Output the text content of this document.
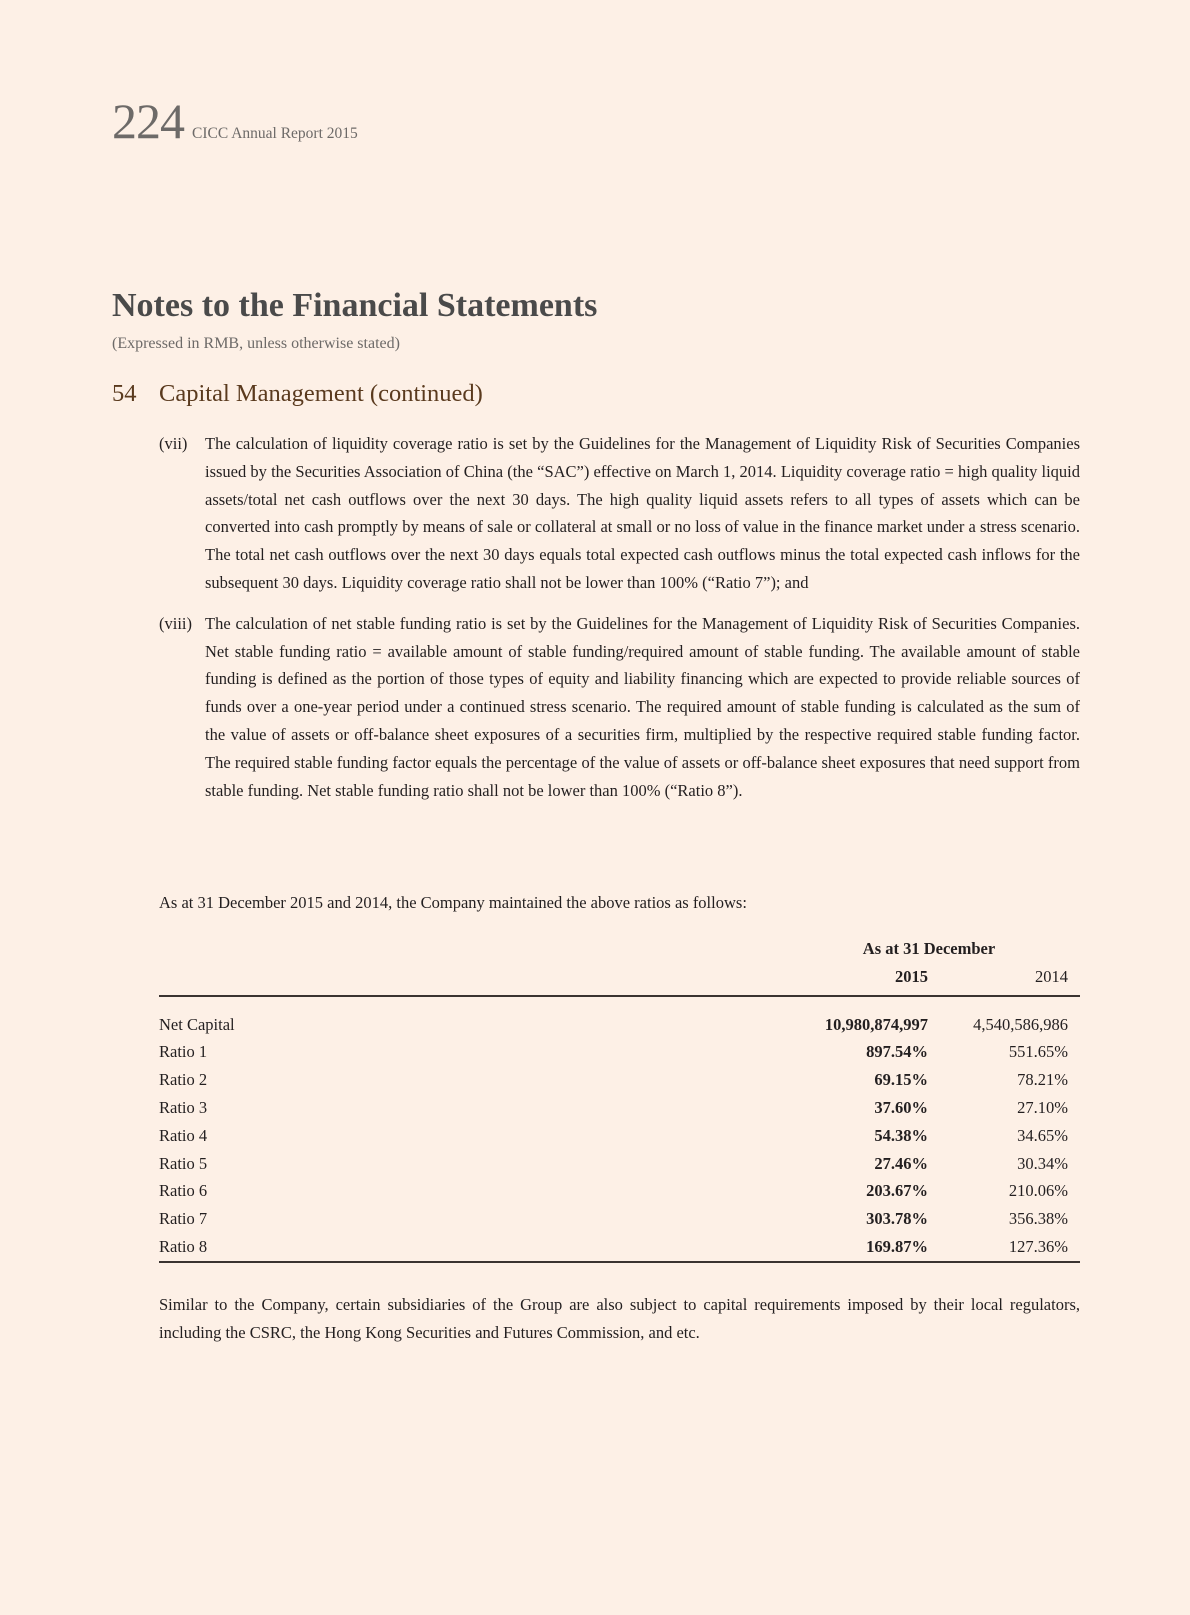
224 CICC Annual Report 2015
Notes to the Financial Statements
(Expressed in RMB, unless otherwise stated)
54 Capital Management (continued)
(vii)	The calculation of liquidity coverage ratio is set by the Guidelines for the Management of Liquidity Risk of Securities Companies issued by the Securities Association of China (the “SAC”) effective on March 1, 2014. Liquidity coverage ratio = high quality liquid assets/total net cash outflows over the next 30 days. The high quality liquid assets refers to all types of assets which can be converted into cash promptly by means of sale or collateral at small or no loss of value in the finance market under a stress scenario. The total net cash outflows over the next 30 days equals total expected cash outflows minus the total expected cash inflows for the subsequent 30 days. Liquidity coverage ratio shall not be lower than 100% (“Ratio 7”); and
(viii) The calculation of net stable funding ratio is set by the Guidelines for the Management of Liquidity Risk of Securities Companies. Net stable funding ratio = available amount of stable funding/required amount of stable funding. The available amount of stable funding is defined as the portion of those types of equity and liability financing which are expected to provide reliable sources of funds over a one-year period under a continued stress scenario. The required amount of stable funding is calculated as the sum of the value of assets or off-balance sheet exposures of a securities firm, multiplied by the respective required stable funding factor. The required stable funding factor equals the percentage of the value of assets or off-balance sheet exposures that need support from stable funding. Net stable funding ratio shall not be lower than 100% (“Ratio 8”).
As at 31 December 2015 and 2014, the Company maintained the above ratios as follows:
	As at 31 December	
	2015	2014

Net Capital	10,980,874,997	4,540,586,986
Ratio 1	897.54%	551.65%
Ratio 2	69.15%	78.21%
Ratio 3	37.60%	27.10%
Ratio 4	54.38%	34.65%
Ratio 5	27.46%	30.34%
Ratio 6	203.67%	210.06%
Ratio 7	303.78%	356.38%
Ratio 8	169.87%	127.36%
Similar to the Company, certain subsidiaries of the Group are also subject to capital requirements imposed by their local regulators, including the CSRC, the Hong Kong Securities and Futures Commission, and etc.
